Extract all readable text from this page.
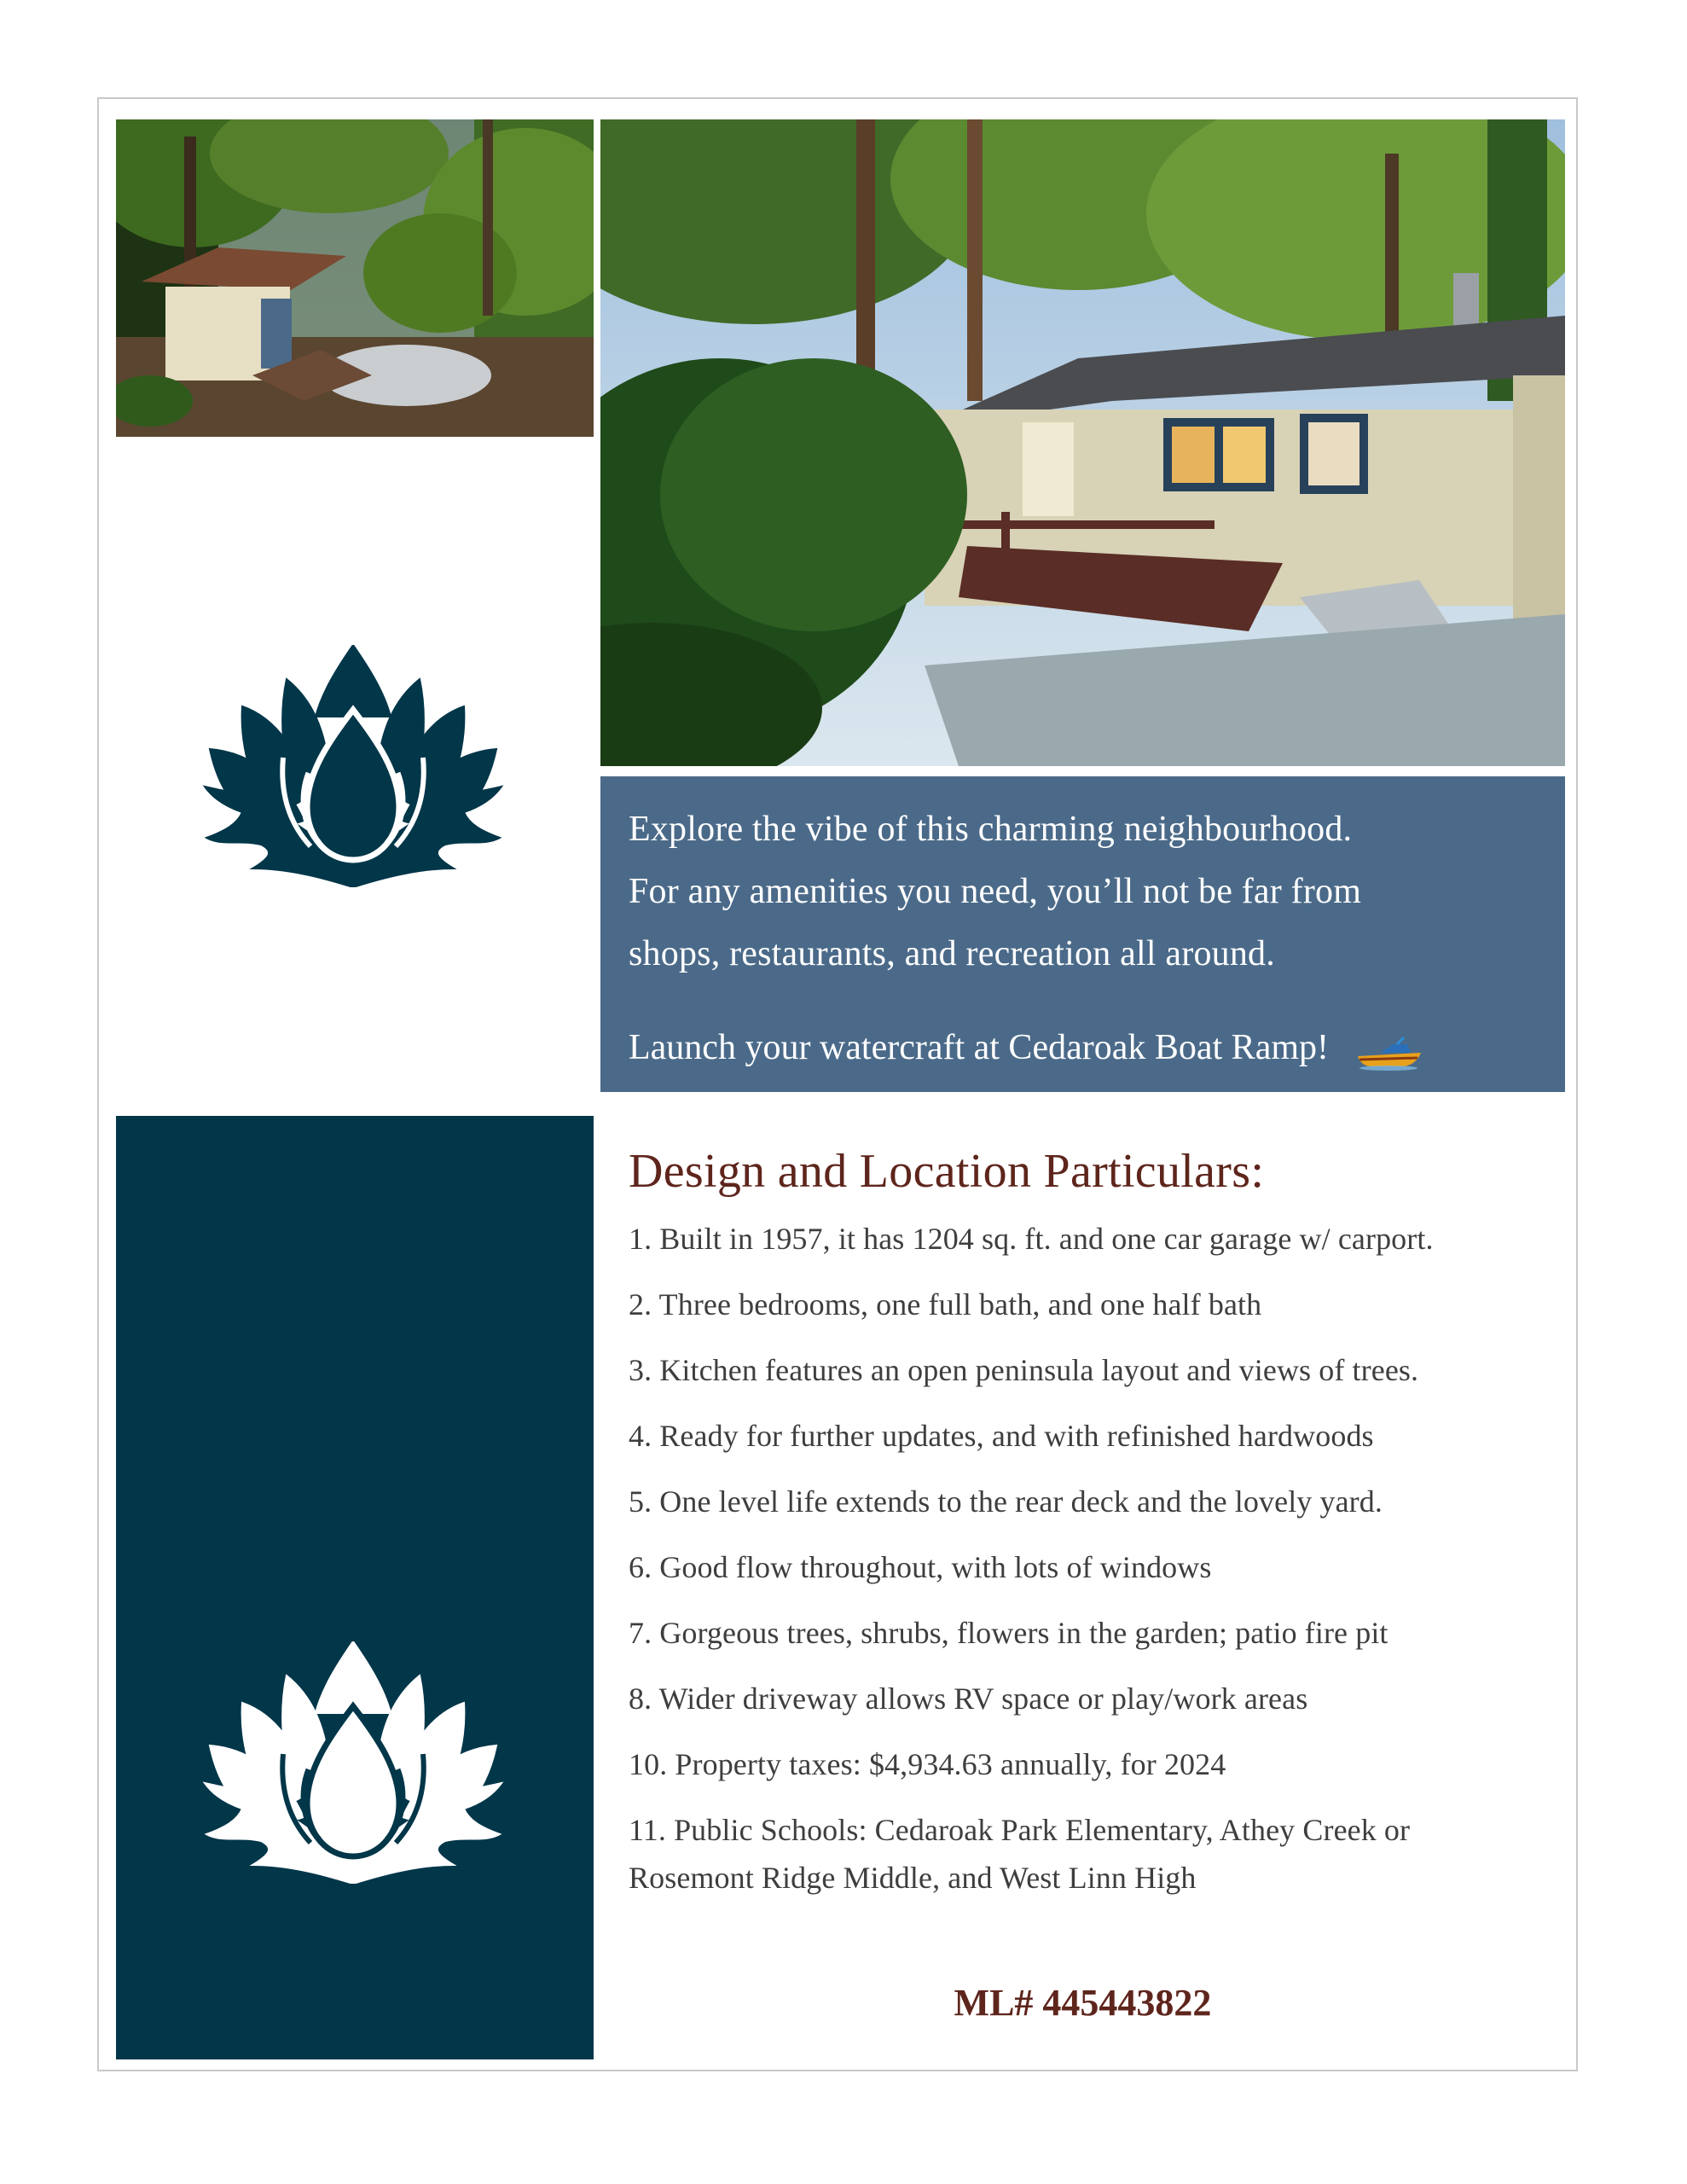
Explore the vibe of this charming neighbourhood.

For any amenities you need, you’ll not be far from

shops, restaurants, and recreation all around.

Launch your watercraft at Cedaroak Boat Ramp!
Design and Location Particulars:
1. Built in 1957, it has 1204 sq. ft. and one car garage w/ carport.
2. Three bedrooms, one full bath, and one half bath
3. Kitchen features an open peninsula layout and views of trees.
4. Ready for further updates, and with refinished hardwoods
5. One level life extends to the rear deck and the lovely yard.
6. Good flow throughout, with lots of windows
7. Gorgeous trees, shrubs, flowers in the garden; patio fire pit
8. Wider driveway allows RV space or play/work areas
10. Property taxes: $4,934.63 annually, for 2024
11. Public Schools: Cedaroak Park Elementary, Athey Creek or
Rosemont Ridge Middle, and West Linn High
ML# 445443822
